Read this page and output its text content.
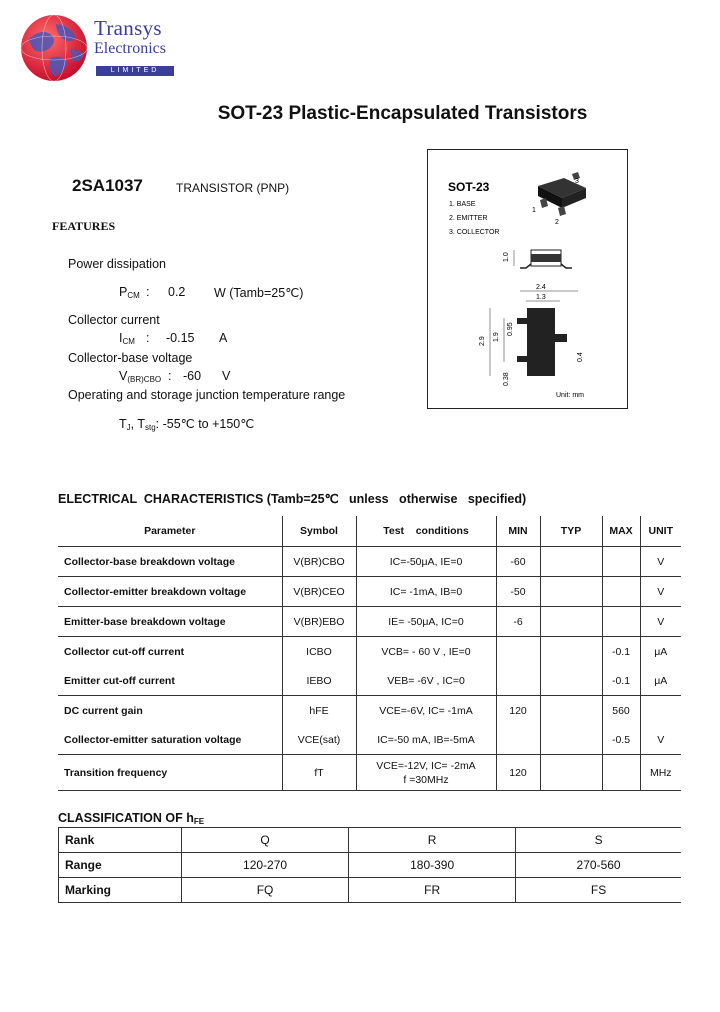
Transys
Electronics
LIMITED
SOT-23 Plastic-Encapsulated Transistors
2SA1037	TRANSISTOR (PNP)
FEATURES
Power dissipation
$P_{CM}$ : 0.2 W (Tamb=25℃)
Collector current
$I_{CM}$ : -0.15 A
Collector-base voltage
$V_{(BR)CBO}$ : -60 V
Operating and storage junction temperature range
$T_J$, $T_{stg}$: -55℃ to +150℃
SOT-23
1. BASE
2. EMITTER
3. COLLECTOR
3
1
2
1.0
2.4
1.3
2.9 1.9
0.95
0.4
0.38
Unit: mm
ELECTRICAL  CHARACTERISTICS (Tamb=25℃   unless   otherwise   specified)
Parameter	Symbol	Test    conditions	MIN	TYP	MAX	UNIT
Collector-base breakdown voltage	V(BR)CBO	IC=-50μA, IE=0	-60			V
Collector-emitter breakdown voltage	V(BR)CEO	IC= -1mA, IB=0	-50			V
Emitter-base breakdown voltage	V(BR)EBO	IE= -50μA, IC=0	-6			V
Collector cut-off current	ICBO	VCB= - 60 V , IE=0			-0.1	μA
Emitter cut-off current	IEBO	VEB= -6V , IC=0			-0.1	μA
DC current gain	hFE	VCE=-6V, IC= -1mA	120		560	
Collector-emitter saturation voltage	VCE(sat)	IC=-50 mA, IB=-5mA			-0.5	V
Transition frequency	fT	VCE=-12V, IC= -2mA
f =30MHz	120			MHz
CLASSIFICATION OF $h_{FE}$
Rank	Q	R	S
Range	120-270	180-390	270-560
Marking	FQ	FR	FS
